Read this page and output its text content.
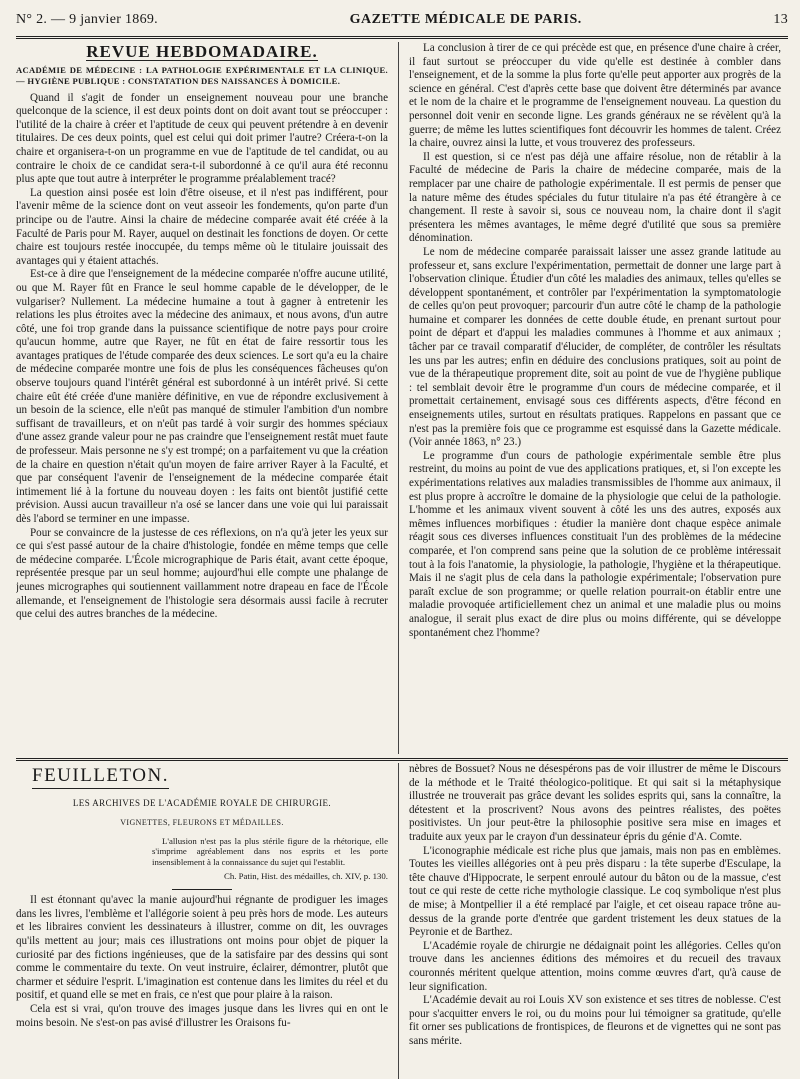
N° 2. — 9 janvier 1869.	GAZETTE MÉDICALE DE PARIS.	13
REVUE HEBDOMADAIRE.
ACADÉMIE DE MÉDECINE : LA PATHOLOGIE EXPÉRIMENTALE ET LA CLINIQUE. — HYGIÈNE PUBLIQUE : CONSTATATION DES NAISSANCES À DOMICILE.

Quand il s'agit de fonder un enseignement nouveau pour une branche quelconque de la science, il est deux points dont on doit avant tout se préoccuper : l'utilité de la chaire à créer et l'aptitude de ceux qui peuvent prétendre à en devenir titulaires. De ces deux points, quel est celui qui doit primer l'autre? Créera-t-on la chaire et organisera-t-on un programme en vue de l'aptitude de tel candidat, ou au contraire le choix de ce candidat sera-t-il subordonné à ce qu'il aura été reconnu plus apte que tout autre à interpréter le programme préalablement tracé?

La question ainsi posée est loin d'être oiseuse, et il n'est pas indifférent, pour l'avenir même de la science dont on veut asseoir les fondements, qu'on parte d'un principe ou de l'autre. Ainsi la chaire de médecine comparée avait été créée à la Faculté de Paris pour M. Rayer, auquel on destinait les fonctions de doyen. Or cette chaire est toujours restée inoccupée, du temps même où le titulaire jouissait des avantages qui y étaient attachés.

Est-ce à dire que l'enseignement de la médecine comparée n'offre aucune utilité, ou que M. Rayer fût en France le seul homme capable de le développer, de le vulgariser? Nullement. La médecine humaine a tout à gagner à entretenir les relations les plus étroites avec la médecine des animaux, et nous avons, d'un autre côté, une foi trop grande dans la puissance scientifique de notre pays pour croire qu'aucun homme, autre que Rayer, ne fût en état de faire ressortir tous les avantages pratiques de l'étude comparée des deux sciences. Le sort qu'a eu la chaire de médecine comparée montre une fois de plus les conséquences fâcheuses qu'on observe toujours quand l'intérêt général est subordonné à un intérêt privé. Si cette chaire eût été créée d'une manière définitive, en vue de répondre exclusivement à un besoin de la science, elle n'eût pas manqué de stimuler l'ambition d'un nombre suffisant de travailleurs, et on n'eût pas tardé à voir surgir des hommes spéciaux d'une assez grande valeur pour ne pas craindre que l'enseignement restât muet faute de professeur. Mais personne ne s'y est trompé; on a parfaitement vu que la création de la chaire en question n'était qu'un moyen de faire arriver Rayer à la Faculté, et que par conséquent l'avenir de l'enseignement de la médecine comparée était intimement lié à la fortune du nouveau doyen : les faits ont bientôt justifié cette prévision. Aussi aucun travailleur n'a osé se lancer dans une voie qui lui paraissait dès l'abord se terminer en une impasse.

Pour se convaincre de la justesse de ces réflexions, on n'a qu'à jeter les yeux sur ce qui s'est passé autour de la chaire d'histologie, fondée en même temps que celle de médecine comparée. L'École micrographique de Paris était, avant cette époque, représentée presque par un seul homme; aujourd'hui elle compte une phalange de jeunes micrographes qui soutiennent vaillamment notre drapeau en face de l'École allemande, et l'enseignement de l'histologie sera désormais aussi facile à recruter que celui des autres branches de la médecine.

La conclusion à tirer de ce qui précède est que, en présence d'une chaire à créer, il faut surtout se préoccuper du vide qu'elle est destinée à combler dans l'enseignement, et de la somme la plus forte qu'elle peut apporter aux progrès de la science en général. C'est d'après cette base que doivent être déterminés par avance et le nom de la chaire et le programme de l'enseignement nouveau. La question du personnel doit venir en seconde ligne. Les grands généraux ne se révèlent qu'à la guerre; de même les luttes scientifiques font découvrir les hommes de talent. Créez la chaire, ouvrez ainsi la lutte, et vous trouverez des professeurs.

Il est question, si ce n'est pas déjà une affaire résolue, non de rétablir à la Faculté de médecine de Paris la chaire de médecine comparée, mais de la remplacer par une chaire de pathologie expérimentale. Il est permis de penser que la nature même des études spéciales du futur titulaire n'a pas été étrangère à ce changement. Il reste à savoir si, sous ce nouveau nom, la chaire dont il s'agit présentera les mêmes avantages, le même degré d'utilité que sous sa première dénomination.

Le nom de médecine comparée paraissait laisser une assez grande latitude au professeur et, sans exclure l'expérimentation, permettait de donner une large part à l'observation clinique. Étudier d'un côté les maladies des animaux, telles qu'elles se développent spontanément, et contrôler par l'expérimentation la symptomatologie de celles qu'on peut provoquer; parcourir d'un autre côté le champ de la pathologie humaine et comparer les données de cette double étude, en prenant surtout pour point de départ et d'appui les maladies communes à l'homme et aux animaux ; tâcher par ce travail comparatif d'élucider, de compléter, de contrôler les résultats les uns par les autres; enfin en déduire des conclusions pratiques, soit au point de vue de la thérapeutique proprement dite, soit au point de vue de l'hygiène publique : tel semblait devoir être le programme d'un cours de médecine comparée, et il promettait certainement, envisagé sous ces différents aspects, d'être fécond en enseignements utiles, surtout en résultats pratiques. Rappelons en passant que ce n'est pas la première fois que ce programme est esquissé dans la Gazette médicale. (Voir année 1863, n° 23.)

Le programme d'un cours de pathologie expérimentale semble être plus restreint, du moins au point de vue des applications pratiques, et, si l'on excepte les expérimentations relatives aux maladies transmissibles de l'homme aux animaux, il est plus propre à accroître le domaine de la physiologie que celui de la pathologie. L'homme et les animaux vivent souvent à côté les uns des autres, exposés aux mêmes influences morbifiques : étudier la manière dont chaque espèce animale réagit sous ces diverses influences constituait l'un des problèmes de la médecine comparée, et l'on comprend sans peine que la solution de ce problème intéressait tout à la fois l'anatomie, la physiologie, la pathologie, l'hygiène et la thérapeutique. Mais il ne s'agit plus de cela dans la pathologie expérimentale; l'observation pure paraît exclue de son programme; or quelle relation pourrait-on établir entre une maladie provoquée artificiellement chez un animal et une maladie plus ou moins analogue, il serait plus exact de dire plus ou moins différente, qui se développe spontanément chez l'homme?

FEUILLETON.
LES ARCHIVES DE L'ACADÉMIE ROYALE DE CHIRURGIE.
VIGNETTES, FLEURONS ET MÉDAILLES.
L'allusion n'est pas la plus stérile figure de la rhétorique, elle s'imprime agréablement dans nos esprits et les porte insensiblement à la connaissance du sujet qui l'establit.
Ch. Patin, Hist. des médailles, ch. XIV, p. 130.

Il est étonnant qu'avec la manie aujourd'hui régnante de prodiguer les images dans les livres, l'emblème et l'allégorie soient à peu près hors de mode. Les auteurs et les libraires convient les dessinateurs à illustrer, comme on dit, les ouvrages qu'ils mettent au jour; mais ces illustrations ont moins pour objet de piquer la curiosité par des fictions ingénieuses, que de la satisfaire par des dessins qui sont comme le commentaire du texte. On veut instruire, éclairer, démontrer, plutôt que charmer et séduire l'esprit. L'imagination est contenue dans les limites du réel et du positif, et quand elle se met en frais, ce n'est que pour plaire à la raison.

Cela est si vrai, qu'on trouve des images jusque dans les livres qui en ont le moins besoin. Ne s'est-on pas avisé d'illustrer les Oraisons fu-

nèbres de Bossuet? Nous ne désespérons pas de voir illustrer de même le Discours de la méthode et le Traité théologico-politique. Et qui sait si la métaphysique illustrée ne trouverait pas grâce devant les solides esprits qui, sans la connaître, la détestent et la proscrivent? Nous avons des peintres réalistes, des poëtes positivistes. Un jour peut-être la philosophie positive sera mise en images et traduite aux yeux par le crayon d'un dessinateur épris du génie d'A. Comte.

L'iconographie médicale est riche plus que jamais, mais non pas en emblèmes. Toutes les vieilles allégories ont à peu près disparu : la tête superbe d'Esculape, la tête chauve d'Hippocrate, le serpent enroulé autour du bâton ou de la massue, c'est tout ce qui reste de cette riche mythologie classique. Le coq symbolique n'est plus de mise; à Montpellier il a été remplacé par l'aigle, et cet oiseau rapace trône au-dessus de la grande porte d'entrée que gardent tristement les deux statues de la Peyronie et de Barthez.

L'Académie royale de chirurgie ne dédaignait point les allégories. Celles qu'on trouve dans les anciennes éditions des mémoires et du recueil des travaux couronnés méritent quelque attention, moins comme œuvres d'art, qu'à cause de leur signification.

L'Académie devait au roi Louis XV son existence et ses titres de noblesse. C'est pour s'acquitter envers le roi, ou du moins pour lui témoigner sa gratitude, qu'elle fit orner ses publications de frontispices, de fleurons et de vignettes qui ne sont pas sans mérite.
